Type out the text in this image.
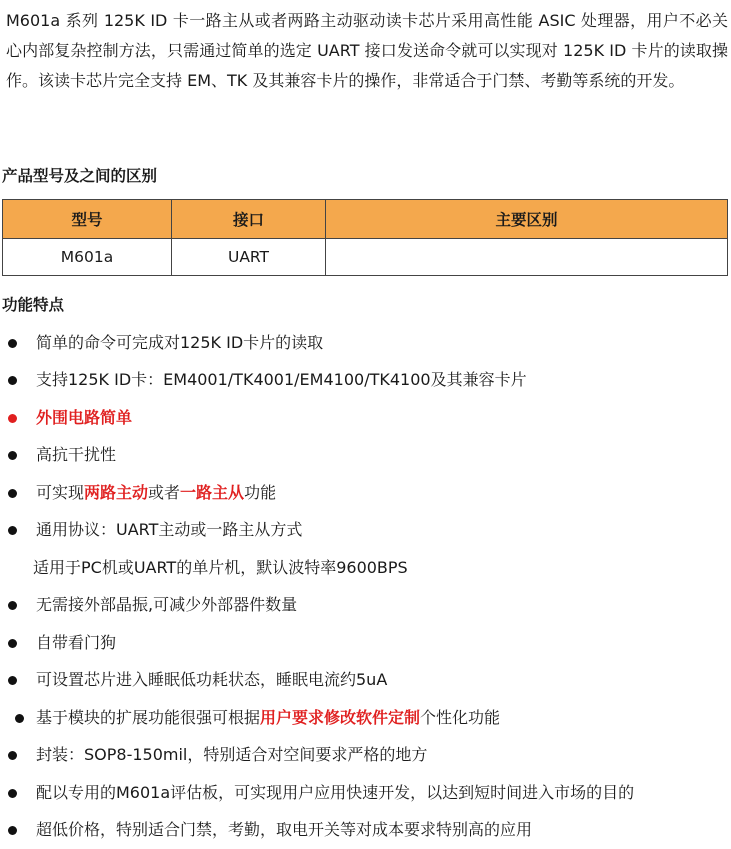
M601a 系列 125K ID 卡一路主从或者两路主动驱动读卡芯片采用高性能 ASIC 处理器，用户不必关心内部复杂控制方法，只需通过简单的选定 UART 接口发送命令就可以实现对 125K ID 卡片的读取操作。该读卡芯片完全支持 EM、TK 及其兼容卡片的操作，非常适合于门禁、考勤等系统的开发。

产品型号及之间的区别

型号	接口	主要区别
M601a	UART	

功能特点

简单的命令可完成对125K ID卡片的读取
支持125K ID卡：EM4001/TK4001/EM4100/TK4100及其兼容卡片
外围电路简单
高抗干扰性
可实现两路主动或者一路主从功能
通用协议：UART主动或一路主从方式
适用于PC机或UART的单片机，默认波特率9600BPS
无需接外部晶振,可减少外部器件数量
自带看门狗
可设置芯片进入睡眠低功耗状态，睡眠电流约5uA
基于模块的扩展功能很强可根据用户要求修改软件定制个性化功能
封装：SOP8-150mil，特别适合对空间要求严格的地方
配以专用的M601a评估板，可实现用户应用快速开发，以达到短时间进入市场的目的
超低价格，特别适合门禁，考勤，取电开关等对成本要求特别高的应用
